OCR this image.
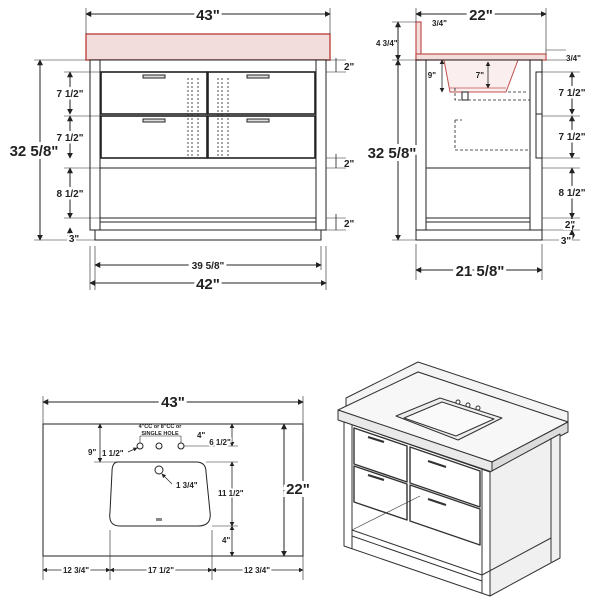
43"
32 5/8"
7 1/2"
7 1/2"
8 1/2"
3"
2"
2"
2"
39 5/8"
42"
22"
3/4"
4 3/4"
3/4"
9"	7"
7 1/2"
7 1/2"
32 5/8"
8 1/2"
2"
3"
21 5/8"
43"
22"
4"CC or 8"CC or
SINGLE HOLE 4"
6 1/2"
9" 1 1/2"
1 3/4"
11 1/2"
4"
12 3/4"	17 1/2"	12 3/4"
